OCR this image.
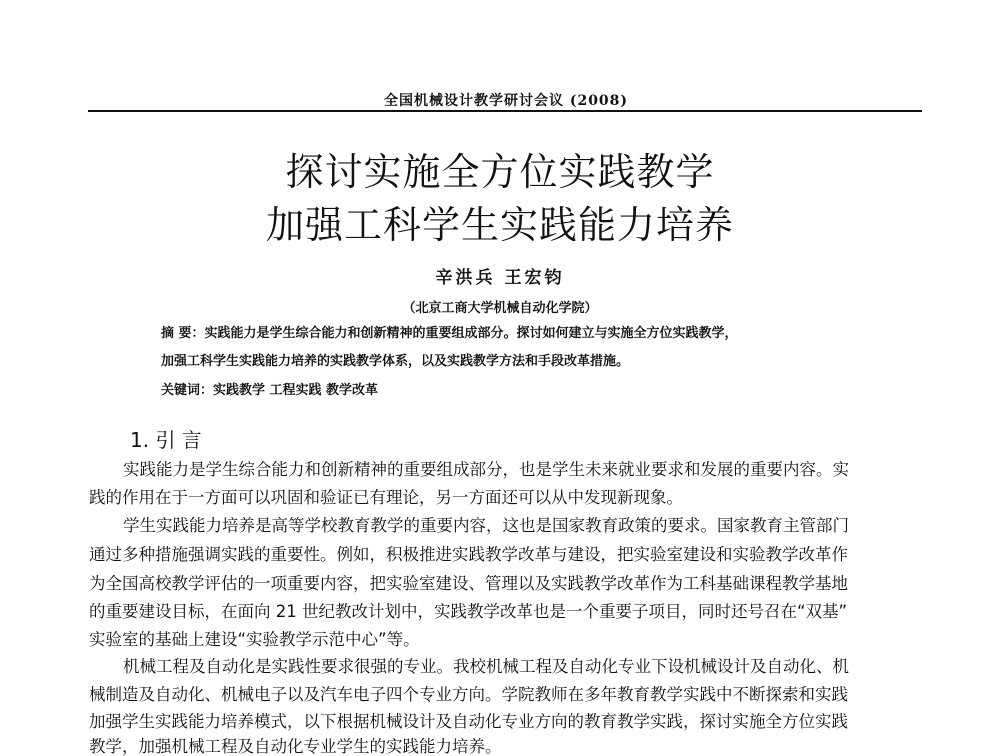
全国机械设计教学研讨会议 (2008)
探讨实施全方位实践教学
加强工科学生实践能力培养
辛洪兵 王宏钧
（北京工商大学机械自动化学院）
摘 要：实践能力是学生综合能力和创新精神的重要组成部分。探讨如何建立与实施全方位实践教学，
加强工科学生实践能力培养的实践教学体系，以及实践教学方法和手段改革措施。
关键词：实践教学 工程实践 教学改革
1. 引 言
实践能力是学生综合能力和创新精神的重要组成部分，也是学生未来就业要求和发展的重要内容。实
践的作用在于一方面可以巩固和验证已有理论，另一方面还可以从中发现新现象。
学生实践能力培养是高等学校教育教学的重要内容，这也是国家教育政策的要求。国家教育主管部门
通过多种措施强调实践的重要性。例如，积极推进实践教学改革与建设，把实验室建设和实验教学改革作
为全国高校教学评估的一项重要内容，把实验室建设、管理以及实践教学改革作为工科基础课程教学基地
的重要建设目标，在面向 21 世纪教改计划中，实践教学改革也是一个重要子项目，同时还号召在“双基”
实验室的基础上建设“实验教学示范中心”等。
机械工程及自动化是实践性要求很强的专业。我校机械工程及自动化专业下设机械设计及自动化、机
械制造及自动化、机械电子以及汽车电子四个专业方向。学院教师在多年教育教学实践中不断探索和实践
加强学生实践能力培养模式，以下根据机械设计及自动化专业方向的教育教学实践，探讨实施全方位实践
教学，加强机械工程及自动化专业学生的实践能力培养。
